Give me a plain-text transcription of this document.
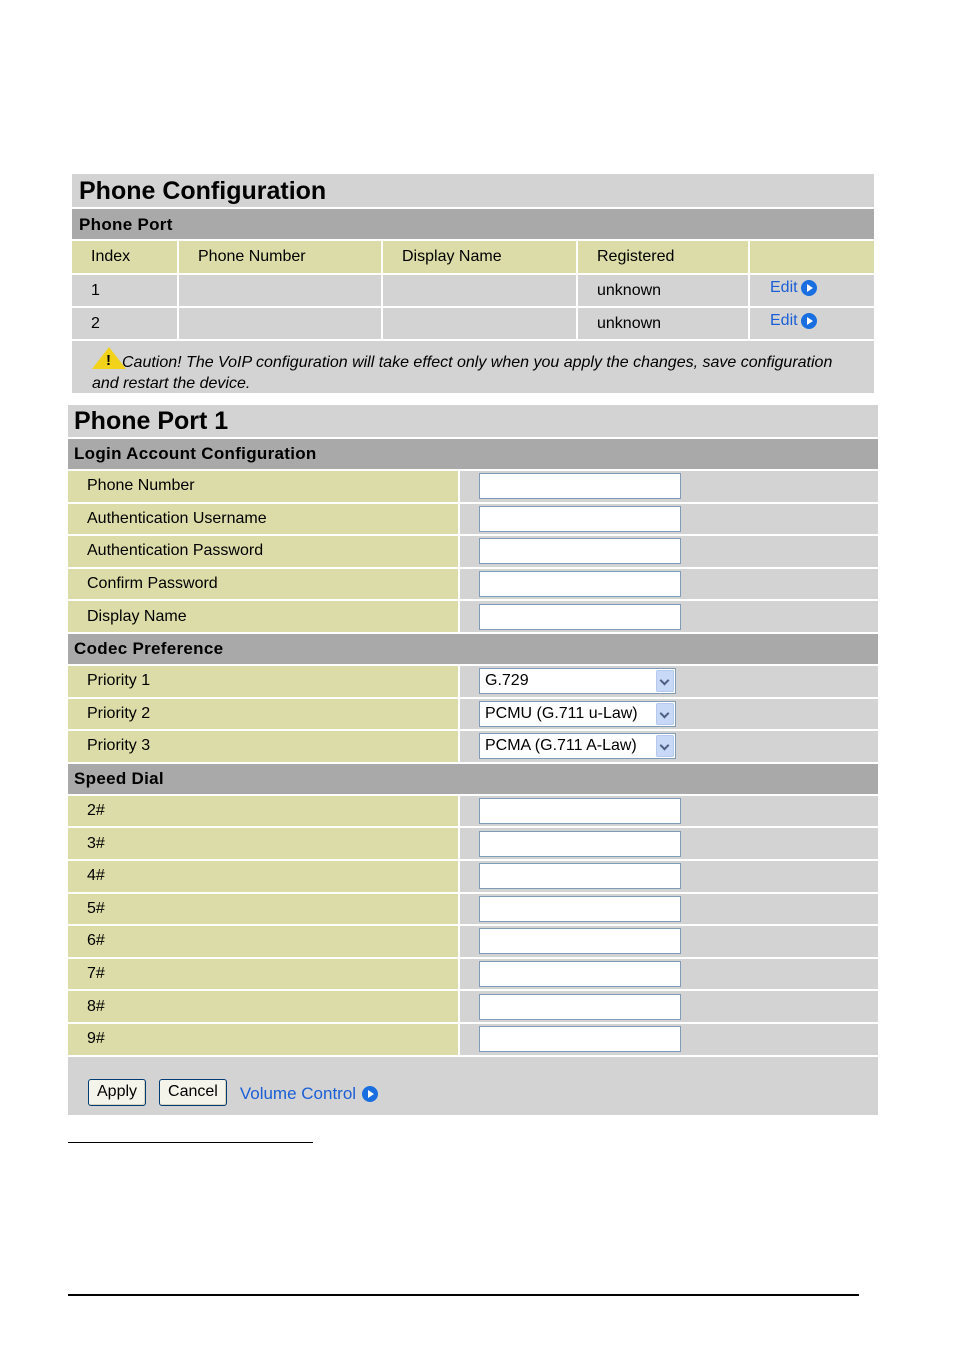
Phone Configuration
Phone Port
Index	Phone Number	Display Name	Registered	
1			unknown	Edit

2			unknown	Edit
!Caution! The VoIP configuration will take effect only when you apply the changes, save configuration and restart the device.
Phone Port 1
Login Account Configuration
Phone Number
Authentication Username
Authentication Password
Confirm Password
Display Name
Codec Preference
Priority 1	G.729
Priority 2	PCMU (G.711 u-Law)
Priority 3	PCMA (G.711 A-Law)
Speed Dial
2#
3#
4#
5#
6#
7#
8#
9#
Apply	Cancel	Volume Control
